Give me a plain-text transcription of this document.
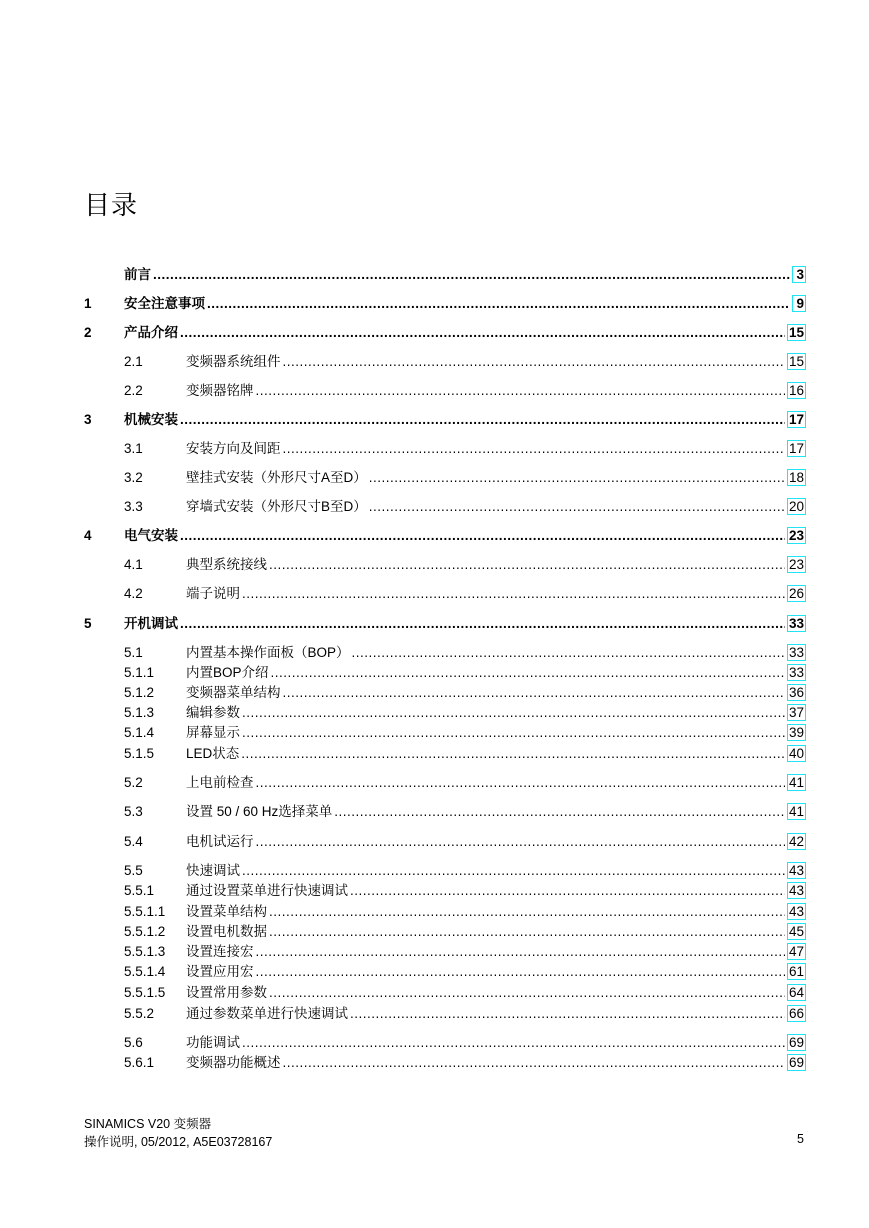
目录
前言 .....	3
1	安全注意事项 .....	9
2	产品介绍 .....	15
2.1	变频器系统组件 .....	15
2.2	变频器铭牌 .....	16
3	机械安装 .....	17
3.1	安装方向及间距 .....	17
3.2	壁挂式安装（外形尺寸A至D） .....	18
3.3	穿墙式安装（外形尺寸B至D） .....	20
4	电气安装 .....	23
4.1	典型系统接线 .....	23
4.2	端子说明 .....	26
5	开机调试 .....	33
5.1	内置基本操作面板（BOP） .....	33
5.1.1	内置BOP介绍 .....	33
5.1.2	变频器菜单结构 .....	36
5.1.3	编辑参数 .....	37
5.1.4	屏幕显示 .....	39
5.1.5	LED状态 .....	40
5.2	上电前检查 .....	41
5.3	设置 50 / 60 Hz选择菜单 .....	41
5.4	电机试运行 .....	42
5.5	快速调试 .....	43
5.5.1	通过设置菜单进行快速调试 .....	43
5.5.1.1	设置菜单结构 .....	43
5.5.1.2	设置电机数据 .....	45
5.5.1.3	设置连接宏 .....	47
5.5.1.4	设置应用宏 .....	61
5.5.1.5	设置常用参数 .....	64
5.5.2	通过参数菜单进行快速调试 .....	66
5.6	功能调试 .....	69
5.6.1	变频器功能概述 .....	69
SINAMICS V20 变频器
操作说明, 05/2012, A5E03728167	5
